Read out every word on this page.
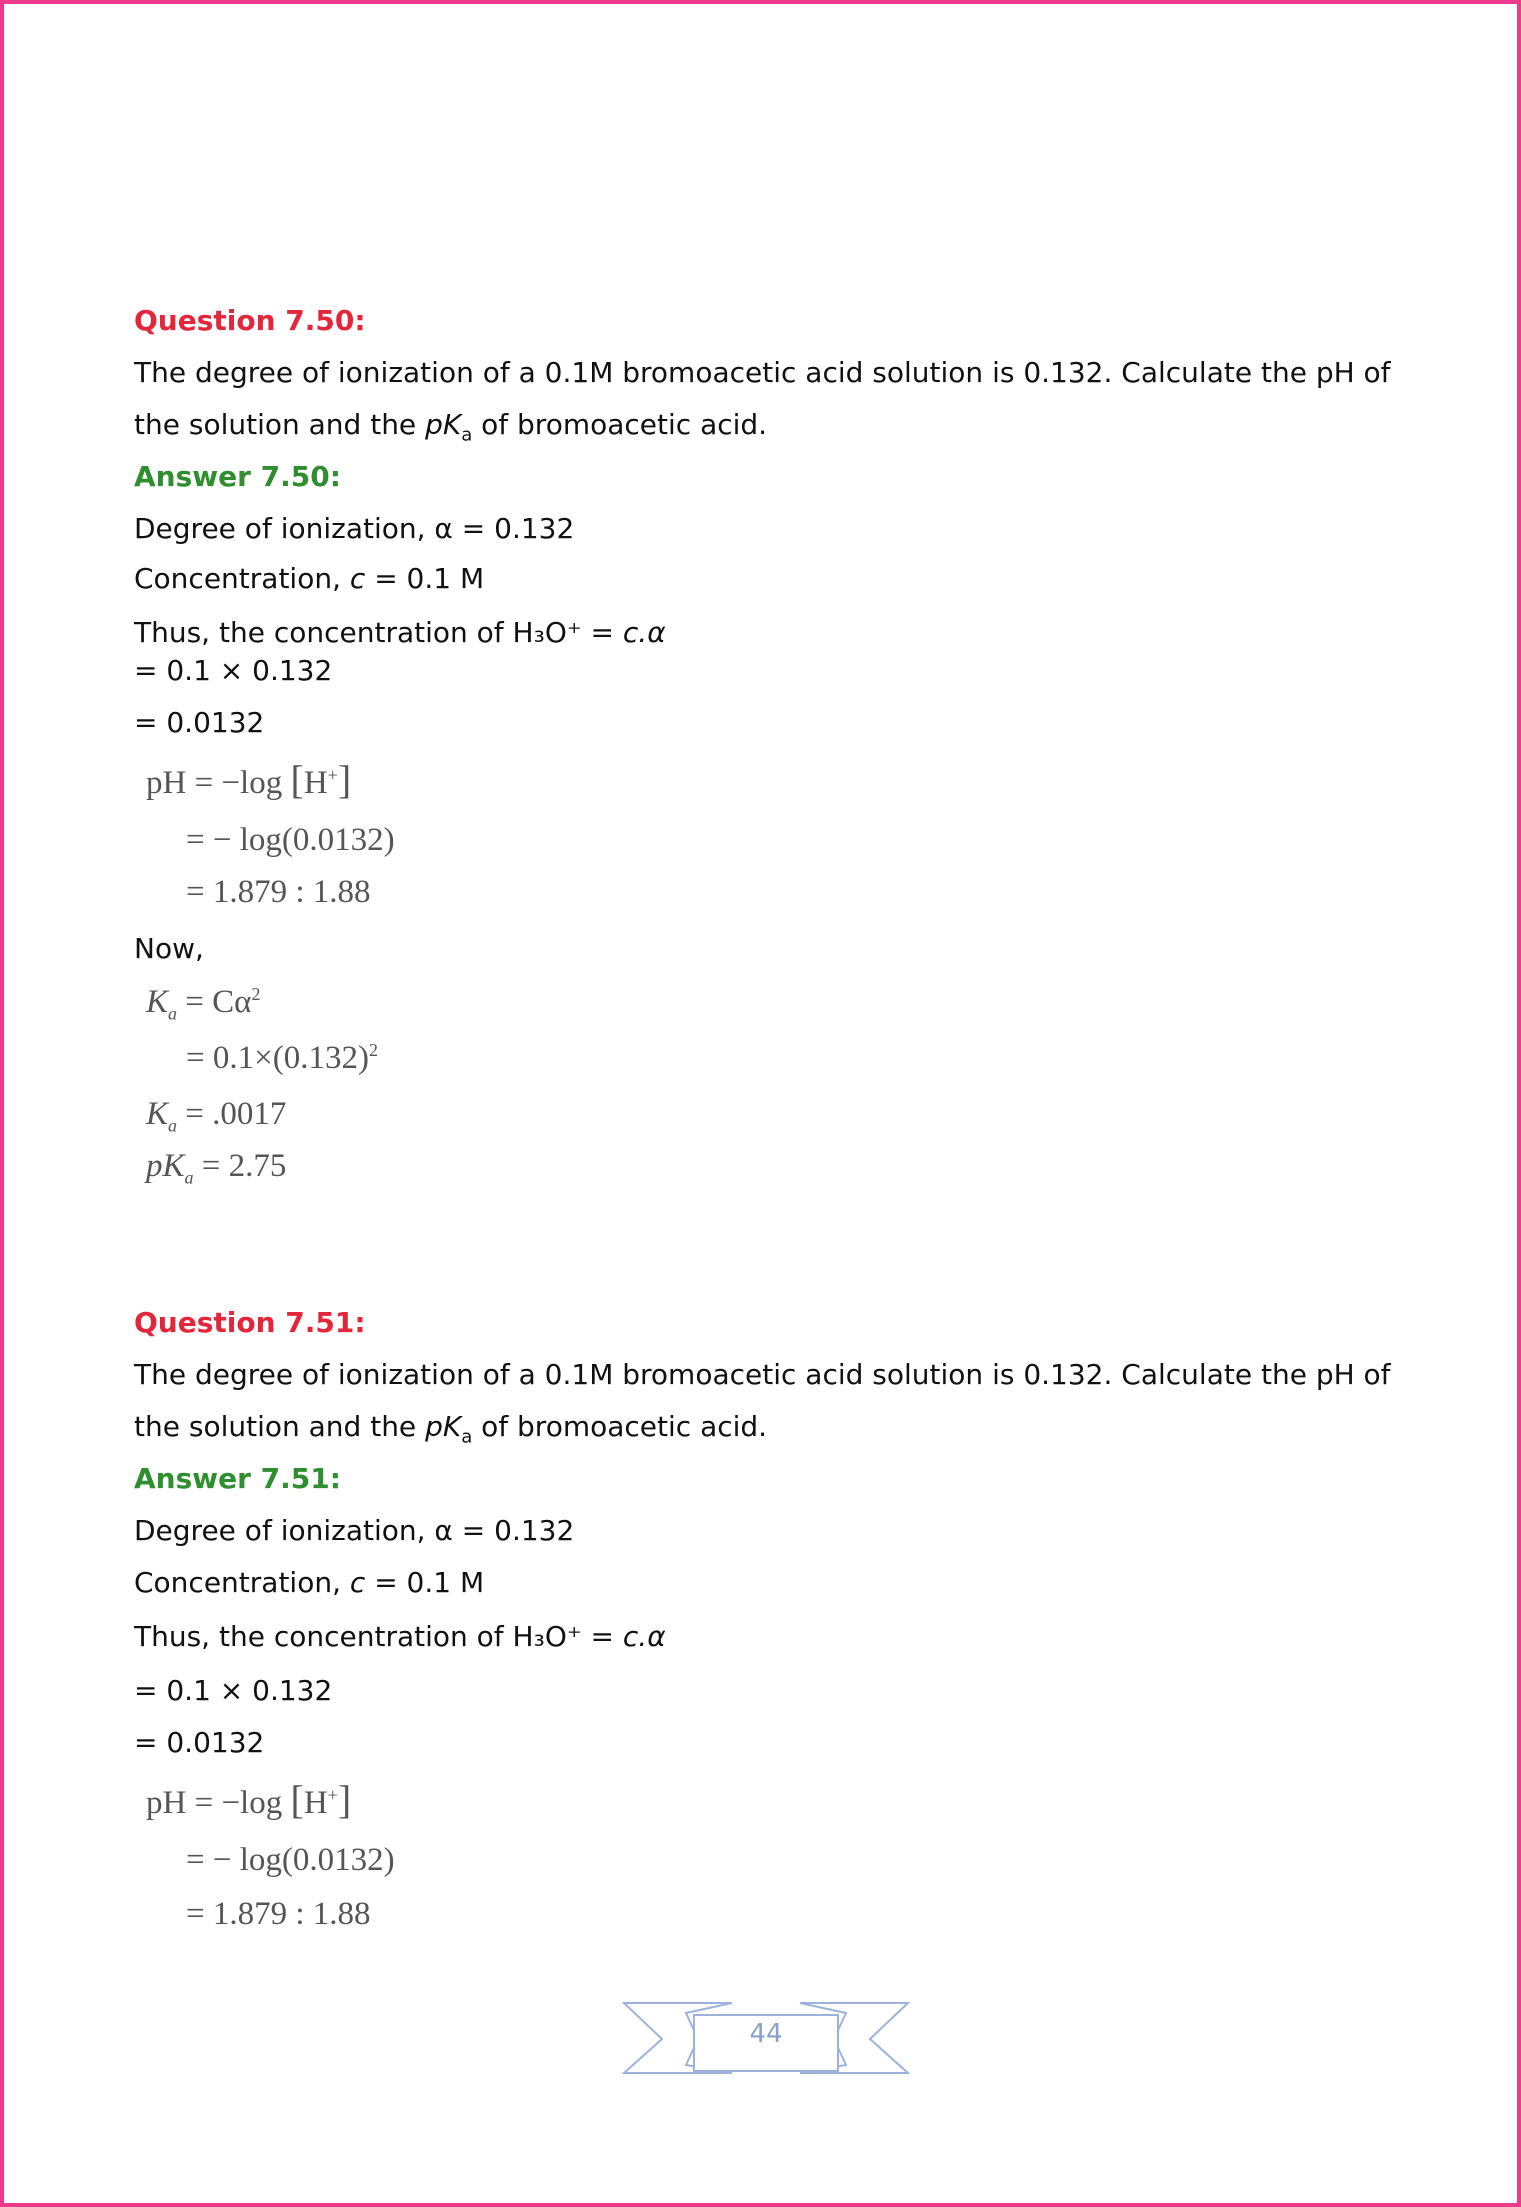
Question 7.50:
The degree of ionization of a 0.1M bromoacetic acid solution is 0.132. Calculate the pH of
the solution and the $pK_a$ of bromoacetic acid.
Answer 7.50:
Degree of ionization, α = 0.132
Concentration, c = 0.1 M
Thus, the concentration of H₃O⁺ = c.α
= 0.1 × 0.132
= 0.0132
pH = −log [H+]
= − log(0.0132)
= 1.879 : 1.88
Now,
$K_a = C\alpha^2$
= $0.1\times(0.132)^2$
$K_a = .0017$
$pK_a = 2.75$
Question 7.51:
The degree of ionization of a 0.1M bromoacetic acid solution is 0.132. Calculate the pH of
the solution and the $pK_a$ of bromoacetic acid.
Answer 7.51:
Degree of ionization, α = 0.132
Concentration, c = 0.1 M
Thus, the concentration of H₃O⁺ = c.α
= 0.1 × 0.132
= 0.0132
pH = −log [H+]
= − log(0.0132)
= 1.879 : 1.88
44
